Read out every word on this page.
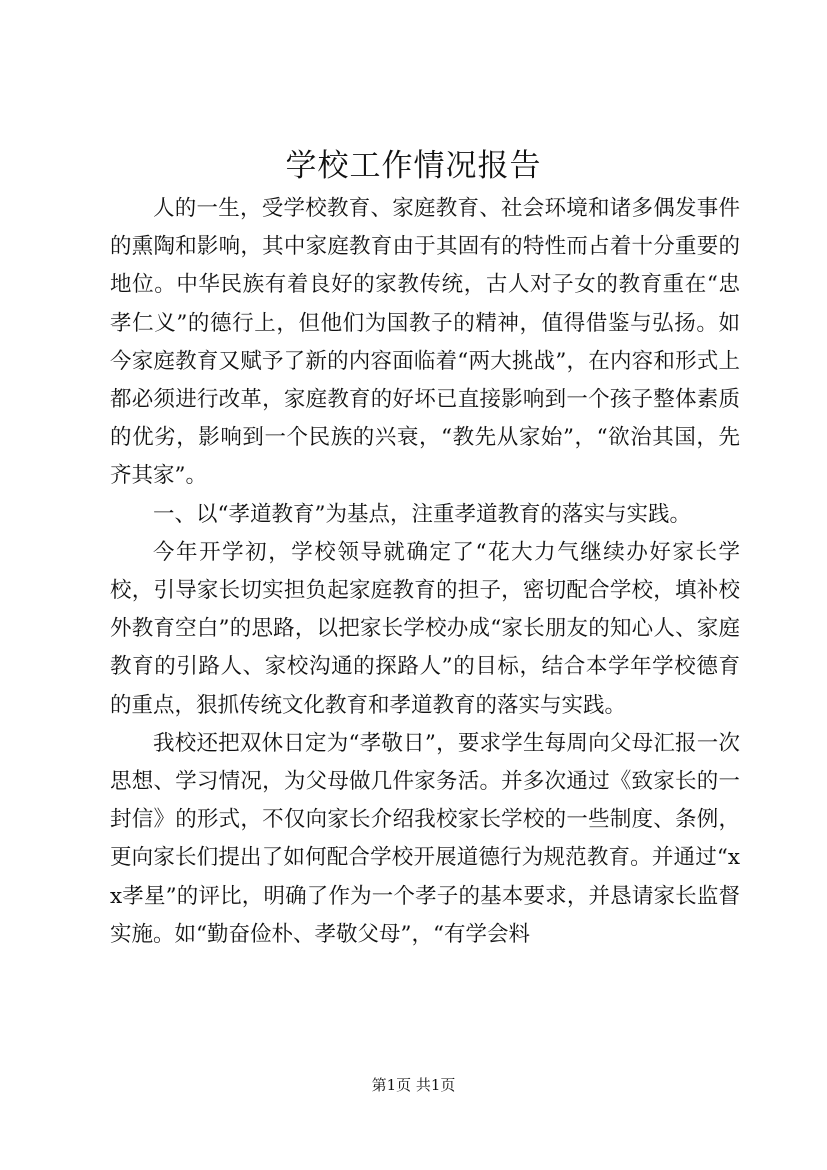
学校工作情况报告

人的一生，受学校教育、家庭教育、社会环境和诸多偶发事件的熏陶和影响，其中家庭教育由于其固有的特性而占着十分重要的地位。中华民族有着良好的家教传统，古人对子女的教育重在“忠孝仁义”的德行上，但他们为国教子的精神，值得借鉴与弘扬。如今家庭教育又赋予了新的内容面临着“两大挑战”，在内容和形式上都必须进行改革，家庭教育的好坏已直接影响到一个孩子整体素质的优劣，影响到一个民族的兴衰，“教先从家始”，“欲治其国，先齐其家”。

一、以“孝道教育”为基点，注重孝道教育的落实与实践。

今年开学初，学校领导就确定了“花大力气继续办好家长学校，引导家长切实担负起家庭教育的担子，密切配合学校，填补校外教育空白”的思路，以把家长学校办成“家长朋友的知心人、家庭教育的引路人、家校沟通的探路人”的目标，结合本学年学校德育的重点，狠抓传统文化教育和孝道教育的落实与实践。

我校还把双休日定为“孝敬日”，要求学生每周向父母汇报一次思想、学习情况，为父母做几件家务活。并多次通过《致家长的一封信》的形式，不仅向家长介绍我校家长学校的一些制度、条例，更向家长们提出了如何配合学校开展道德行为规范教育。并通过“xx孝星”的评比，明确了作为一个孝子的基本要求，并恳请家长监督实施。如“勤奋俭朴、孝敬父母”，“有学会料

第1页 共1页
